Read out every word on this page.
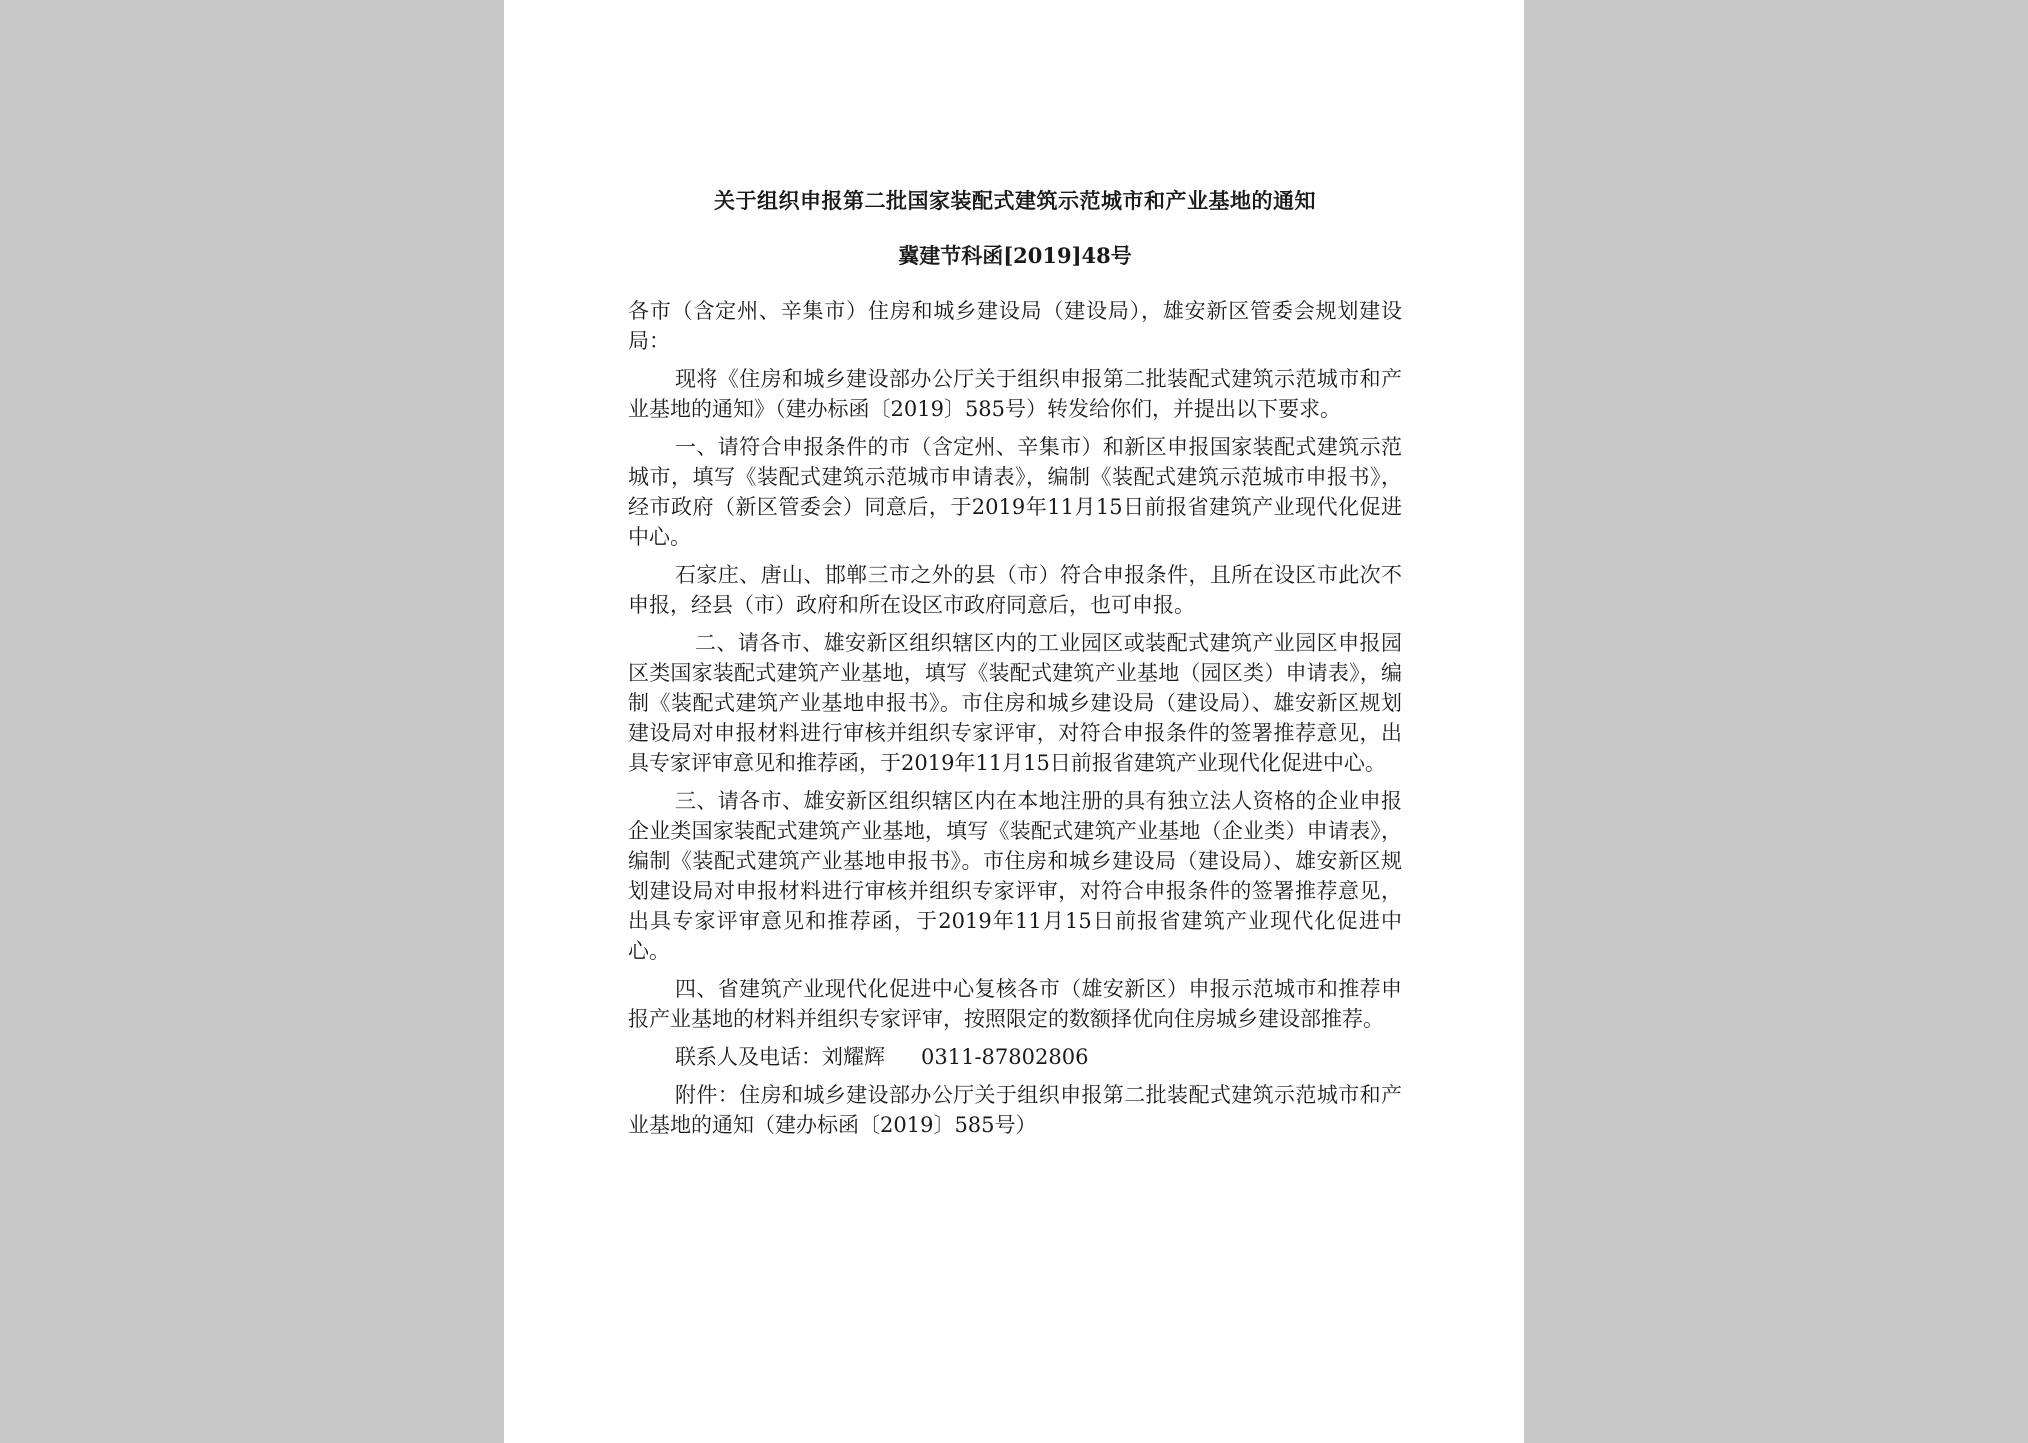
关于组织申报第二批国家装配式建筑示范城市和产业基地的通知
冀建节科函[2019]48号

各市（含定州、辛集市）住房和城乡建设局（建设局），雄安新区管委会规划建设局：

现将《住房和城乡建设部办公厅关于组织申报第二批装配式建筑示范城市和产业基地的通知》（建办标函〔2019〕585号）转发给你们，并提出以下要求。

一、请符合申报条件的市（含定州、辛集市）和新区申报国家装配式建筑示范城市，填写《装配式建筑示范城市申请表》，编制《装配式建筑示范城市申报书》，经市政府（新区管委会）同意后，于2019年11月15日前报省建筑产业现代化促进中心。

石家庄、唐山、邯郸三市之外的县（市）符合申报条件，且所在设区市此次不申报，经县（市）政府和所在设区市政府同意后，也可申报。

二、请各市、雄安新区组织辖区内的工业园区或装配式建筑产业园区申报园区类国家装配式建筑产业基地，填写《装配式建筑产业基地（园区类）申请表》，编制《装配式建筑产业基地申报书》。市住房和城乡建设局（建设局）、雄安新区规划建设局对申报材料进行审核并组织专家评审，对符合申报条件的签署推荐意见，出具专家评审意见和推荐函，于2019年11月15日前报省建筑产业现代化促进中心。

三、请各市、雄安新区组织辖区内在本地注册的具有独立法人资格的企业申报企业类国家装配式建筑产业基地，填写《装配式建筑产业基地（企业类）申请表》，编制《装配式建筑产业基地申报书》。市住房和城乡建设局（建设局）、雄安新区规划建设局对申报材料进行审核并组织专家评审，对符合申报条件的签署推荐意见，出具专家评审意见和推荐函，于2019年11月15日前报省建筑产业现代化促进中心。

四、省建筑产业现代化促进中心复核各市（雄安新区）申报示范城市和推荐申报产业基地的材料并组织专家评审，按照限定的数额择优向住房城乡建设部推荐。

联系人及电话：刘耀辉 0311-87802806

附件：住房和城乡建设部办公厅关于组织申报第二批装配式建筑示范城市和产业基地的通知（建办标函〔2019〕585号）
